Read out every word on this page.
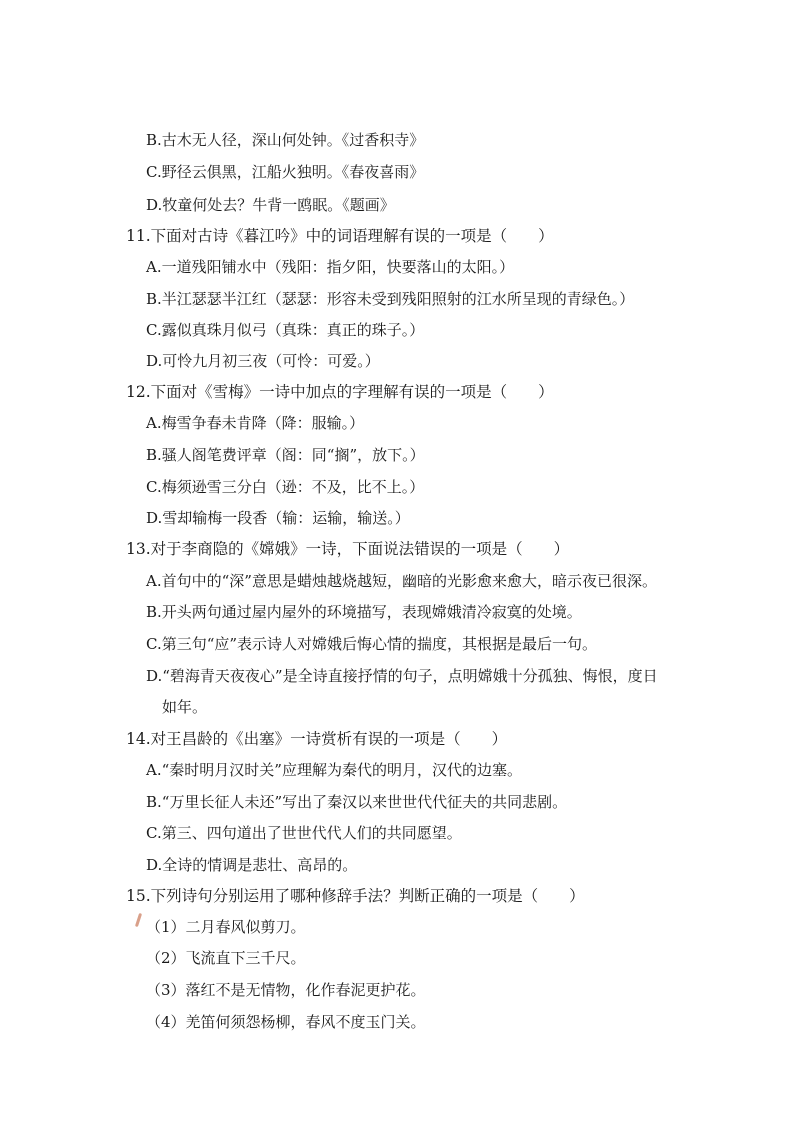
B.古木无人径，深山何处钟。《过香积寺》
C.野径云俱黑，江船火独明。《春夜喜雨》
D.牧童何处去？牛背一鸥眠。《题画》
11.下面对古诗《暮江吟》中的词语理解有误的一项是（　　）
A.一道残阳铺水中（残阳：指夕阳，快要落山的太阳。）
B.半江瑟瑟半江红（瑟瑟：形容未受到残阳照射的江水所呈现的青绿色。）
C.露似真珠月似弓（真珠：真正的珠子。）
D.可怜九月初三夜（可怜：可爱。）
12.下面对《雪梅》一诗中加点的字理解有误的一项是（　　）
A.梅雪争春未肯降（降：服输。）
B.骚人阁笔费评章（阁：同“搁”，放下。）
C.梅须逊雪三分白（逊：不及，比不上。）
D.雪却输梅一段香（输：运输，输送。）
13.对于李商隐的《嫦娥》一诗，下面说法错误的一项是（　　）
A.首句中的“深”意思是蜡烛越烧越短，幽暗的光影愈来愈大，暗示夜已很深。
B.开头两句通过屋内屋外的环境描写，表现嫦娥清冷寂寞的处境。
C.第三句“应”表示诗人对嫦娥后悔心情的揣度，其根据是最后一句。
D.“碧海青天夜夜心”是全诗直接抒情的句子，点明嫦娥十分孤独、悔恨，度日
如年。
14.对王昌龄的《出塞》一诗赏析有误的一项是（　　）
A.“秦时明月汉时关”应理解为秦代的明月，汉代的边塞。
B.“万里长征人未还”写出了秦汉以来世世代代征夫的共同悲剧。
C.第三、四句道出了世世代代人们的共同愿望。
D.全诗的情调是悲壮、高昂的。
15.下列诗句分别运用了哪种修辞手法？判断正确的一项是（　　）
（1）二月春风似剪刀。
（2）飞流直下三千尺。
（3）落红不是无情物，化作春泥更护花。
（4）羌笛何须怨杨柳，春风不度玉门关。
